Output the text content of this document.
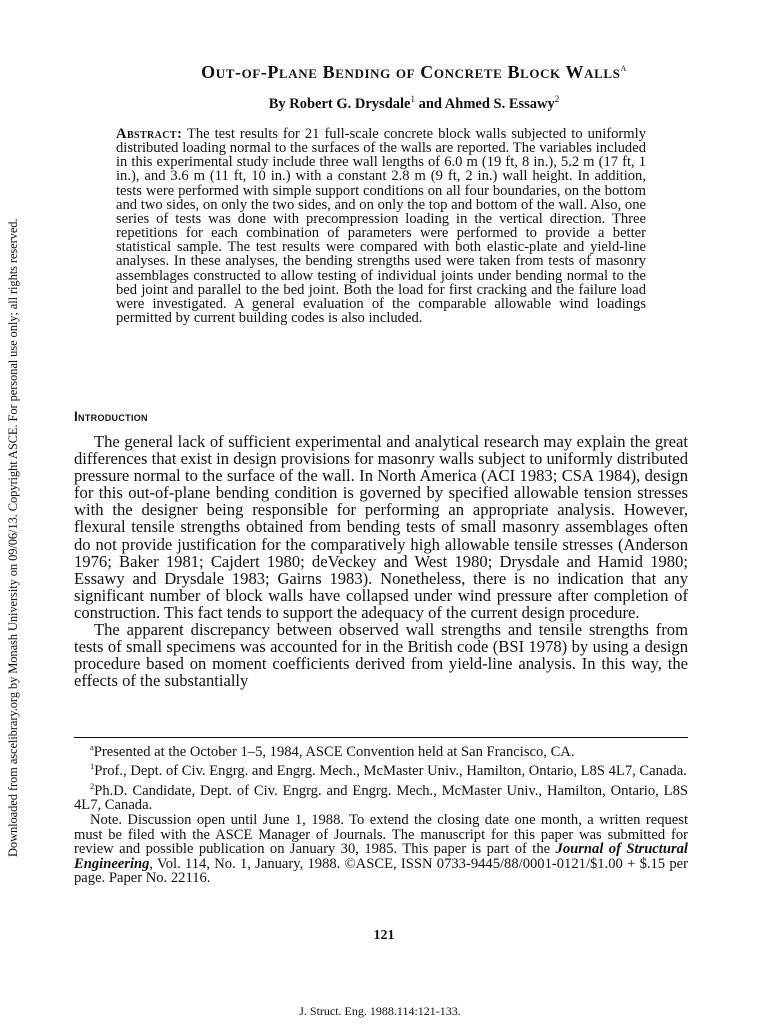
Downloaded from ascelibrary.org by Monash University on 09/06/13. Copyright ASCE. For personal use only; all rights reserved.
Out-of-Plane Bending of Concrete Block Walls$^a$
By Robert G. Drysdale$^1$ and Ahmed S. Essawy$^2$

Abstract: The test results for 21 full-scale concrete block walls subjected to uniformly distributed loading normal to the surfaces of the walls are reported. The variables included in this experimental study include three wall lengths of 6.0 m (19 ft, 8 in.), 5.2 m (17 ft, 1 in.), and 3.6 m (11 ft, 10 in.) with a constant 2.8 m (9 ft, 2 in.) wall height. In addition, tests were performed with simple support conditions on all four boundaries, on the bottom and two sides, on only the two sides, and on only the top and bottom of the wall. Also, one series of tests was done with precompression loading in the vertical direction. Three repetitions for each combination of parameters were performed to provide a better statistical sample. The test results were compared with both elastic-plate and yield-line analyses. In these analyses, the bending strengths used were taken from tests of masonry assemblages constructed to allow testing of individual joints under bending normal to the bed joint and parallel to the bed joint. Both the load for first cracking and the failure load were investigated. A general evaluation of the comparable allowable wind loadings permitted by current building codes is also included.

Introduction

The general lack of sufficient experimental and analytical research may explain the great differences that exist in design provisions for masonry walls subject to uniformly distributed pressure normal to the surface of the wall. In North America (ACI 1983; CSA 1984), design for this out-of-plane bending condition is governed by specified allowable tension stresses with the designer being responsible for performing an appropriate analysis. However, flexural tensile strengths obtained from bending tests of small masonry assemblages often do not provide justification for the comparatively high allowable tensile stresses (Anderson 1976; Baker 1981; Cajdert 1980; deVeckey and West 1980; Drysdale and Hamid 1980; Essawy and Drysdale 1983; Gairns 1983). Nonetheless, there is no indication that any significant number of block walls have collapsed under wind pressure after completion of construction. This fact tends to support the adequacy of the current design procedure.

The apparent discrepancy between observed wall strengths and tensile strengths from tests of small specimens was accounted for in the British code (BSI 1978) by using a design procedure based on moment coefficients derived from yield-line analysis. In this way, the effects of the substantially

$^a$Presented at the October 1–5, 1984, ASCE Convention held at San Francisco, CA.

$^1$Prof., Dept. of Civ. Engrg. and Engrg. Mech., McMaster Univ., Hamilton, Ontario, L8S 4L7, Canada.

$^2$Ph.D. Candidate, Dept. of Civ. Engrg. and Engrg. Mech., McMaster Univ., Hamilton, Ontario, L8S 4L7, Canada.

Note. Discussion open until June 1, 1988. To extend the closing date one month, a written request must be filed with the ASCE Manager of Journals. The manuscript for this paper was submitted for review and possible publication on January 30, 1985. This paper is part of the Journal of Structural Engineering, Vol. 114, No. 1, January, 1988. ©ASCE, ISSN 0733-9445/88/0001-0121/$1.00 + $.15 per page. Paper No. 22116.

121
J. Struct. Eng. 1988.114:121-133.
